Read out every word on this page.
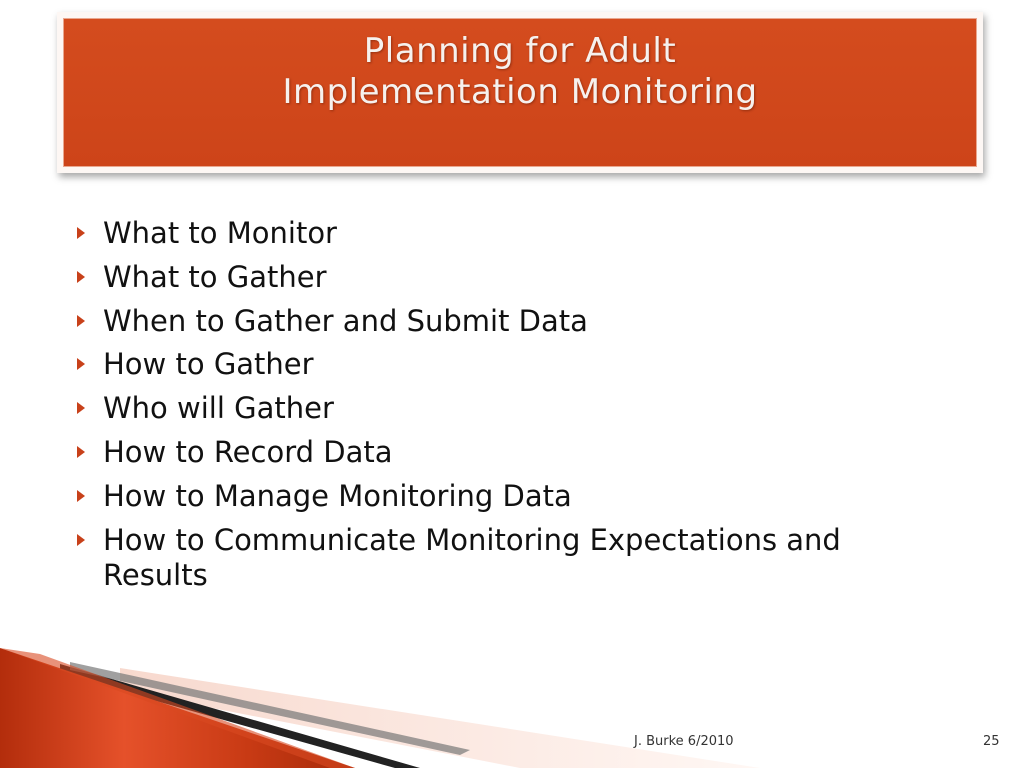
Planning for Adult
Implementation Monitoring
What to Monitor
What to Gather
When to Gather and Submit Data
How to Gather
Who will Gather
How to Record Data
How to Manage Monitoring Data
How to Communicate Monitoring Expectations and Results
J. Burke 6/2010	25
